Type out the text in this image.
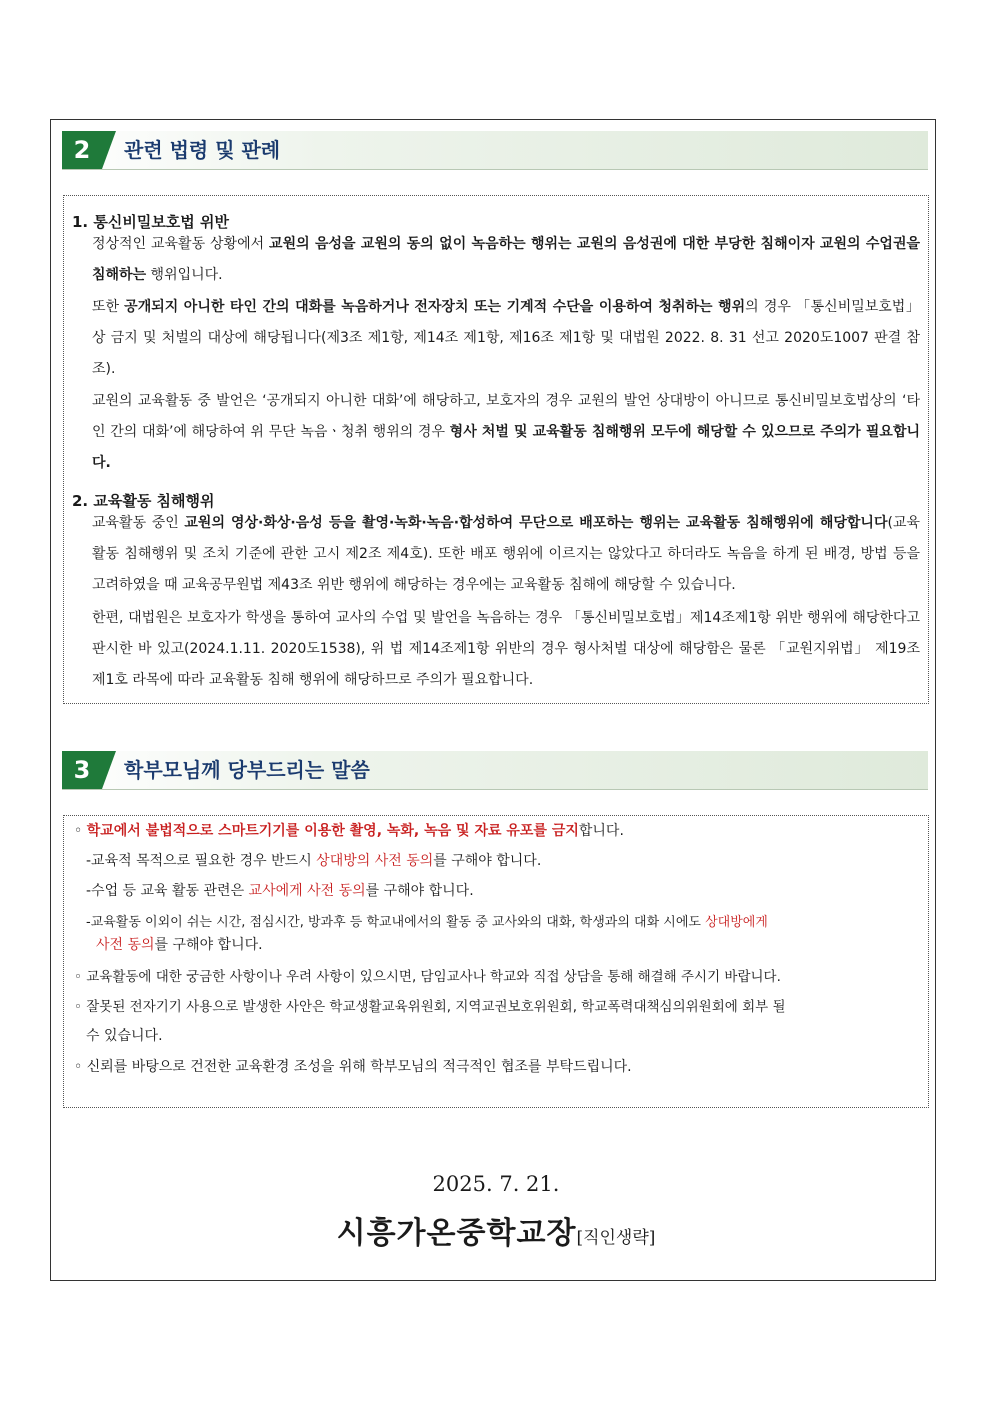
2	관련 법령 및 판례
1. 통신비밀보호법 위반
정상적인 교육활동 상황에서 교원의 음성을 교원의 동의 없이 녹음하는 행위는 교원의 음성권에 대한 부당한 침해이자 교원의 수업권을 침해하는 행위입니다.
또한 공개되지 아니한 타인 간의 대화를 녹음하거나 전자장치 또는 기계적 수단을 이용하여 청취하는 행위의 경우 「통신비밀보호법」상 금지 및 처벌의 대상에 해당됩니다(제3조 제1항, 제14조 제1항, 제16조 제1항 및 대법원 2022. 8. 31 선고 2020도1007 판결 참조).
교원의 교육활동 중 발언은 ‘공개되지 아니한 대화’에 해당하고, 보호자의 경우 교원의 발언 상대방이 아니므로 통신비밀보호법상의 ‘타인 간의 대화’에 해당하여 위 무단 녹음ㆍ청취 행위의 경우 형사 처벌 및 교육활동 침해행위 모두에 해당할 수 있으므로 주의가 필요합니다.
2. 교육활동 침해행위
교육활동 중인 교원의 영상·화상·음성 등을 촬영·녹화·녹음·합성하여 무단으로 배포하는 행위는 교육활동 침해행위에 해당합니다(교육활동 침해행위 및 조치 기준에 관한 고시 제2조 제4호). 또한 배포 행위에 이르지는 않았다고 하더라도 녹음을 하게 된 배경, 방법 등을 고려하였을 때 교육공무원법 제43조 위반 행위에 해당하는 경우에는 교육활동 침해에 해당할 수 있습니다.
한편, 대법원은 보호자가 학생을 통하여 교사의 수업 및 발언을 녹음하는 경우 「통신비밀보호법」제14조제1항 위반 행위에 해당한다고 판시한 바 있고(2024.1.11. 2020도1538), 위 법 제14조제1항 위반의 경우 형사처벌 대상에 해당함은 물론 「교원지위법」 제19조 제1호 라목에 따라 교육활동 침해 행위에 해당하므로 주의가 필요합니다.
3	학부모님께 당부드리는 말씀
◦ 학교에서 불법적으로 스마트기기를 이용한 촬영, 녹화, 녹음 및 자료 유포를 금지합니다.
-교육적 목적으로 필요한 경우 반드시 상대방의 사전 동의를 구해야 합니다.
-수업 등 교육 활동 관련은 교사에게 사전 동의를 구해야 합니다.
-교육활동 이외이 쉬는 시간, 점심시간, 방과후 등 학교내에서의 활동 중 교사와의 대화, 학생과의 대화 시에도 상대방에게
사전 동의를 구해야 합니다.
◦ 교육활동에 대한 궁금한 사항이나 우려 사항이 있으시면, 담임교사나 학교와 직접 상담을 통해 해결해 주시기 바랍니다.
◦ 잘못된 전자기기 사용으로 발생한 사안은 학교생활교육위원회, 지역교권보호위원회, 학교폭력대책심의위원회에 회부 될
수 있습니다.
◦ 신뢰를 바탕으로 건전한 교육환경 조성을 위해 학부모님의 적극적인 협조를 부탁드립니다.
2025. 7. 21.
시흥가온중학교장[직인생략]
